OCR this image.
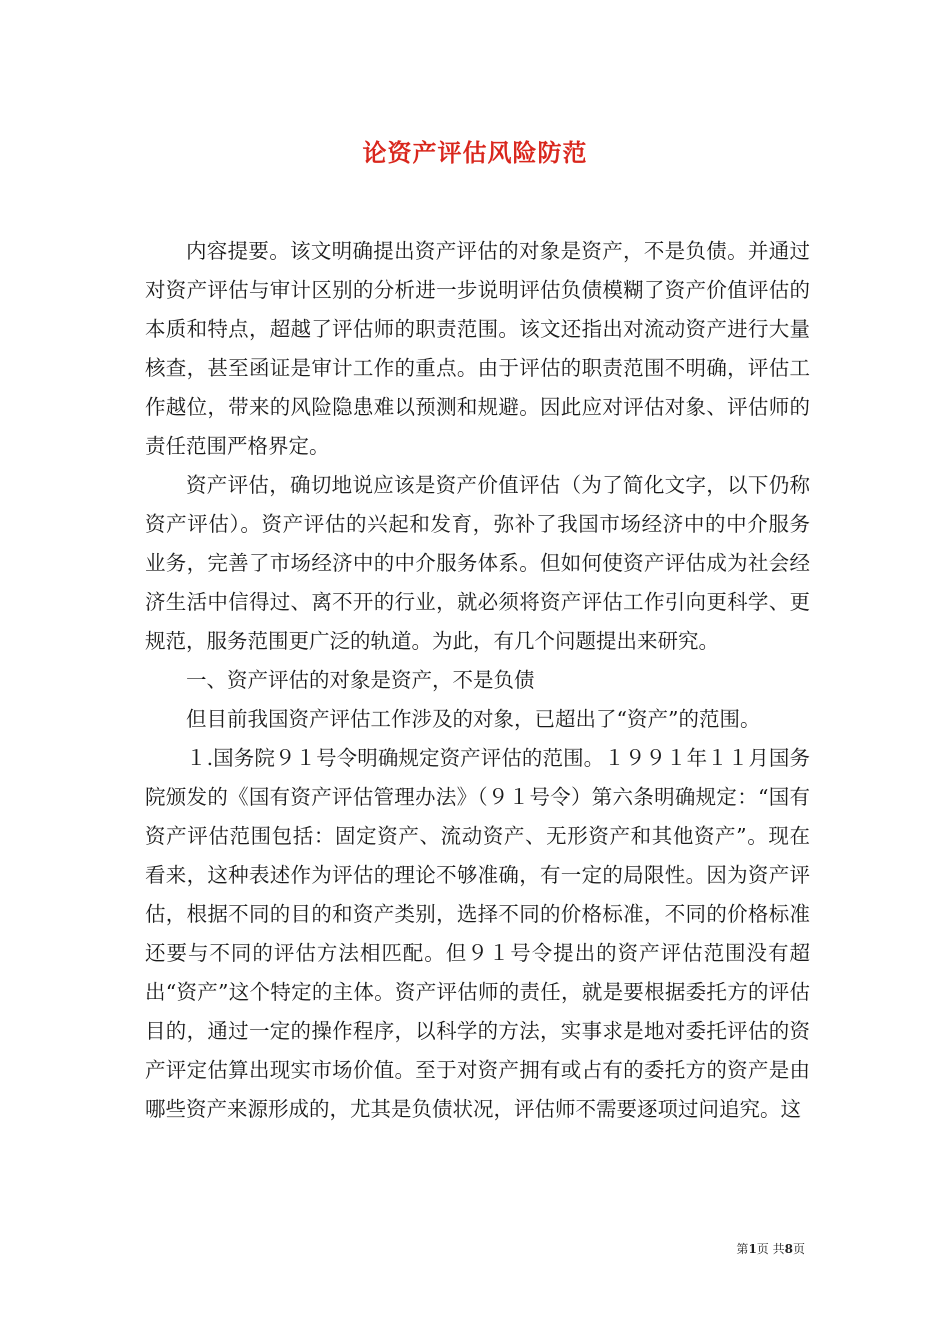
论资产评估风险防范

内容提要。该文明确提出资产评估的对象是资产，不是负债。并通过对资产评估与审计区别的分析进一步说明评估负债模糊了资产价值评估的本质和特点，超越了评估师的职责范围。该文还指出对流动资产进行大量核查，甚至函证是审计工作的重点。由于评估的职责范围不明确，评估工作越位，带来的风险隐患难以预测和规避。因此应对评估对象、评估师的责任范围严格界定。

资产评估，确切地说应该是资产价值评估（为了简化文字，以下仍称资产评估）。资产评估的兴起和发育，弥补了我国市场经济中的中介服务业务，完善了市场经济中的中介服务体系。但如何使资产评估成为社会经济生活中信得过、离不开的行业，就必须将资产评估工作引向更科学、更规范，服务范围更广泛的轨道。为此，有几个问题提出来研究。

一、资产评估的对象是资产，不是负债

但目前我国资产评估工作涉及的对象，已超出了“资产”的范围。

１.国务院９１号令明确规定资产评估的范围。１９９１年１１月国务院颁发的《国有资产评估管理办法》（９１号令）第六条明确规定：“国有资产评估范围包括：固定资产、流动资产、无形资产和其他资产”。现在看来，这种表述作为评估的理论不够准确，有一定的局限性。因为资产评估，根据不同的目的和资产类别，选择不同的价格标准，不同的价格标准还要与不同的评估方法相匹配。但９１号令提出的资产评估范围没有超出“资产”这个特定的主体。资产评估师的责任，就是要根据委托方的评估目的，通过一定的操作程序，以科学的方法，实事求是地对委托评估的资产评定估算出现实市场价值。至于对资产拥有或占有的委托方的资产是由哪些资产来源形成的，尤其是负债状况，评估师不需要逐项过问追究。这

第1页 共8页
